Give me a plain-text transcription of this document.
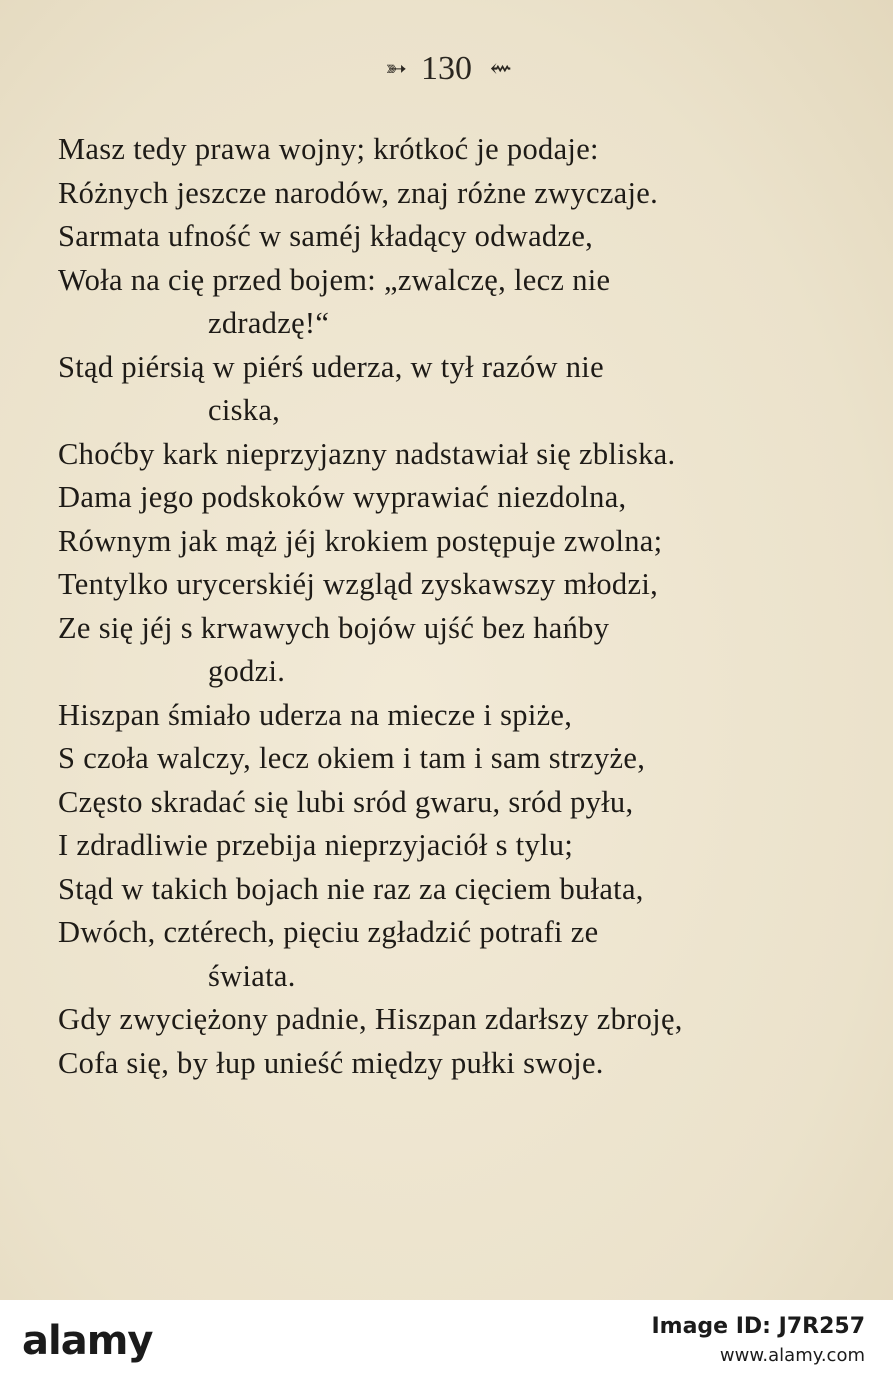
➳ 130 ⇜
Masz tedy prawa wojny; krótkoć je podaje:
Różnych jeszcze narodów, znaj różne zwyczaje.
Sarmata ufność w saméj kładący odwadze,
Woła na cię przed bojem: „zwalczę, lecz nie
zdradzę!“
Stąd piérsią w piérś uderza, w tył razów nie
ciska,
Choćby kark nieprzyjazny nadstawiał się zbliska.
Dama jego podskoków wyprawiać niezdolna,
Równym jak mąż jéj krokiem postępuje zwolna;
Tentylko urycerskiéj wzgląd zyskawszy młodzi,
Ze się jéj s krwawych bojów ujść bez hańby
godzi.
Hiszpan śmiało uderza na miecze i spiże,
S czoła walczy, lecz okiem i tam i sam strzyże,
Często skradać się lubi sród gwaru, sród pyłu,
I zdradliwie przebija nieprzyjaciół s tylu;
Stąd w takich bojach nie raz za cięciem bułata,
Dwóch, cztérech, pięciu zgładzić potrafi ze
świata.
Gdy zwyciężony padnie, Hiszpan zdarłszy zbroję,
Cofa się, by łup unieść między pułki swoje.
alamy	Image ID: J7R257
www.alamy.com
